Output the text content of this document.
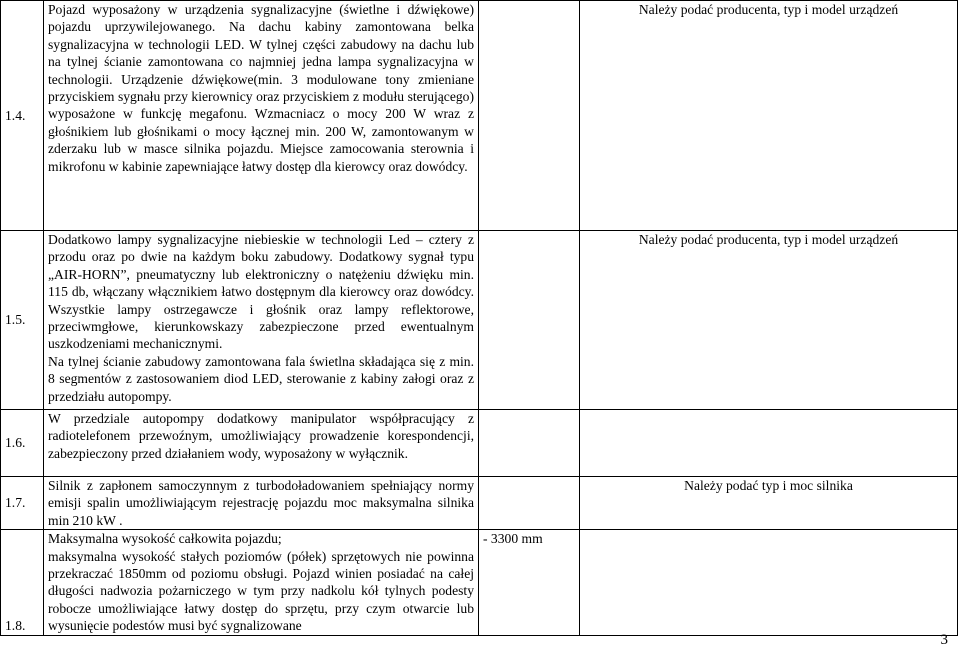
1.4.	Pojazd wyposażony w urządzenia sygnalizacyjne (świetlne i dźwiękowe) pojazdu uprzywilejowanego. Na dachu kabiny zamontowana belka sygnalizacyjna w technologii LED. W tylnej części zabudowy na dachu lub na tylnej ścianie zamontowana co najmniej jedna lampa sygnalizacyjna w technologii. Urządzenie dźwiękowe(min. 3 modulowane tony zmieniane przyciskiem sygnału przy kierownicy oraz przyciskiem z modułu sterującego) wyposażone w funkcję megafonu. Wzmacniacz o mocy 200 W wraz z głośnikiem lub głośnikami o mocy łącznej min. 200 W, zamontowanym w zderzaku lub w masce silnika pojazdu. Miejsce zamocowania sterownia i mikrofonu w kabinie zapewniające łatwy dostęp dla kierowcy oraz dowódcy.		Należy podać producenta, typ i model urządzeń
1.5.	Dodatkowo lampy sygnalizacyjne niebieskie w technologii Led – cztery z przodu oraz po dwie na każdym boku zabudowy. Dodatkowy sygnał typu „AIR-HORN”, pneumatyczny lub elektroniczny o natężeniu dźwięku min. 115 db, włączany włącznikiem łatwo dostępnym dla kierowcy oraz dowódcy. Wszystkie lampy ostrzegawcze i głośnik oraz lampy reflektorowe, przeciwmgłowe, kierunkowskazy zabezpieczone przed ewentualnym uszkodzeniami mechanicznymi.
Na tylnej ścianie zabudowy zamontowana fala świetlna składająca się z min. 8 segmentów z zastosowaniem diod LED, sterowanie z kabiny załogi oraz z przedziału autopompy.		Należy podać producenta, typ i model urządzeń
1.6.	W przedziale autopompy dodatkowy manipulator współpracujący z radiotelefonem przewoźnym, umożliwiający prowadzenie korespondencji, zabezpieczony przed działaniem wody, wyposażony w wyłącznik.		

1.7.	Silnik z zapłonem samoczynnym z turbodoładowaniem spełniający normy emisji spalin umożliwiającym rejestrację pojazdu moc maksymalna silnika min 210 kW .		Należy podać typ i moc silnika
1.8.	Maksymalna wysokość całkowita pojazdu;
maksymalna wysokość stałych poziomów (półek) sprzętowych nie powinna przekraczać 1850mm od poziomu obsługi. Pojazd winien posiadać na całej długości nadwozia pożarniczego w tym przy nadkolu kół tylnych podesty robocze umożliwiające łatwy dostęp do sprzętu, przy czym otwarcie lub wysunięcie podestów musi być sygnalizowane	- 3300 mm	
3
